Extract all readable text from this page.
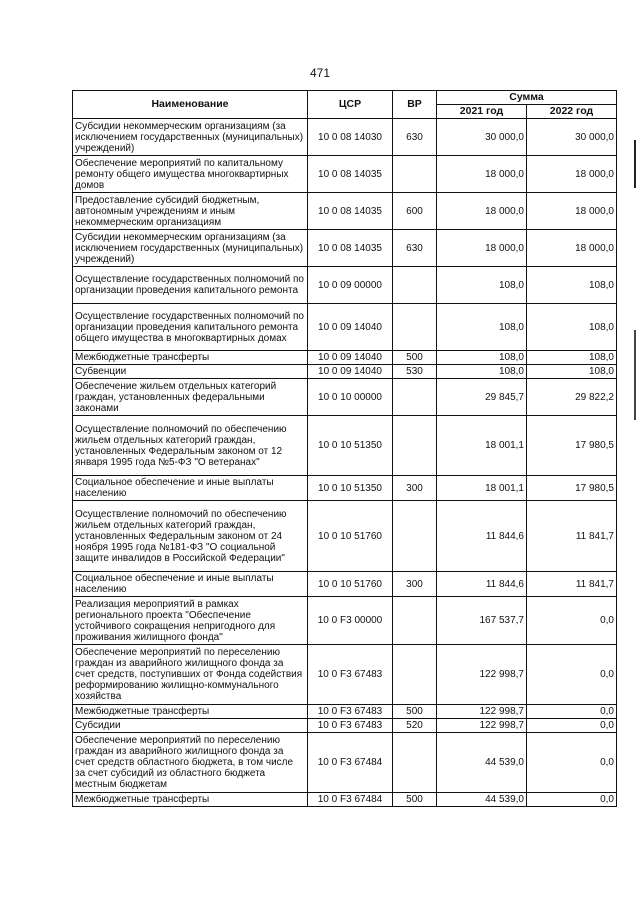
471
Наименование	ЦСР	ВР	Сумма	
			2021 год	2022 год
Субсидии некоммерческим организациям (за исключением государственных (муниципальных) учреждений)	10 0 08 14030	630	30 000,0	30 000,0
Обеспечение мероприятий по капитальному ремонту общего имущества многоквартирных домов	10 0 08 14035		18 000,0	18 000,0
Предоставление субсидий бюджетным, автономным учреждениям и иным некоммерческим организациям	10 0 08 14035	600	18 000,0	18 000,0
Субсидии некоммерческим организациям (за исключением государственных (муниципальных) учреждений)	10 0 08 14035	630	18 000,0	18 000,0
Осуществление государственных полномочий по организации проведения капитального ремонта	10 0 09 00000		108,0	108,0
Осуществление государственных полномочий по организации проведения капитального ремонта общего имущества в многоквартирных домах	10 0 09 14040		108,0	108,0
Межбюджетные трансферты	10 0 09 14040	500	108,0	108,0
Субвенции	10 0 09 14040	530	108,0	108,0
Обеспечение жильем отдельных категорий граждан, установленных федеральными законами	10 0 10 00000		29 845,7	29 822,2
Осуществление полномочий по обеспечению жильем отдельных категорий граждан, установленных Федеральным законом от 12 января 1995 года №5-ФЗ "О ветеранах"	10 0 10 51350		18 001,1	17 980,5
Социальное обеспечение и иные выплаты населению	10 0 10 51350	300	18 001,1	17 980,5
Осуществление полномочий по обеспечению жильем отдельных категорий граждан, установленных Федеральным законом от 24 ноября 1995 года №181-ФЗ "О социальной защите инвалидов в Российской Федерации"	10 0 10 51760		11 844,6	11 841,7
Социальное обеспечение и иные выплаты населению	10 0 10 51760	300	11 844,6	11 841,7
Реализация мероприятий в рамках регионального проекта "Обеспечение устойчивого сокращения непригодного для проживания жилищного фонда"	10 0 F3 00000		167 537,7	0,0
Обеспечение мероприятий по переселению граждан из аварийного жилищного фонда за счет средств, поступивших от Фонда содействия реформированию жилищно-коммунального хозяйства	10 0 F3 67483		122 998,7	0,0
Межбюджетные трансферты	10 0 F3 67483	500	122 998,7	0,0
Субсидии	10 0 F3 67483	520	122 998,7	0,0
Обеспечение мероприятий по переселению граждан из аварийного жилищного фонда за счет средств областного бюджета, в том числе за счет субсидий из областного бюджета местным бюджетам	10 0 F3 67484		44 539,0	0,0
Межбюджетные трансферты	10 0 F3 67484	500	44 539,0	0,0
